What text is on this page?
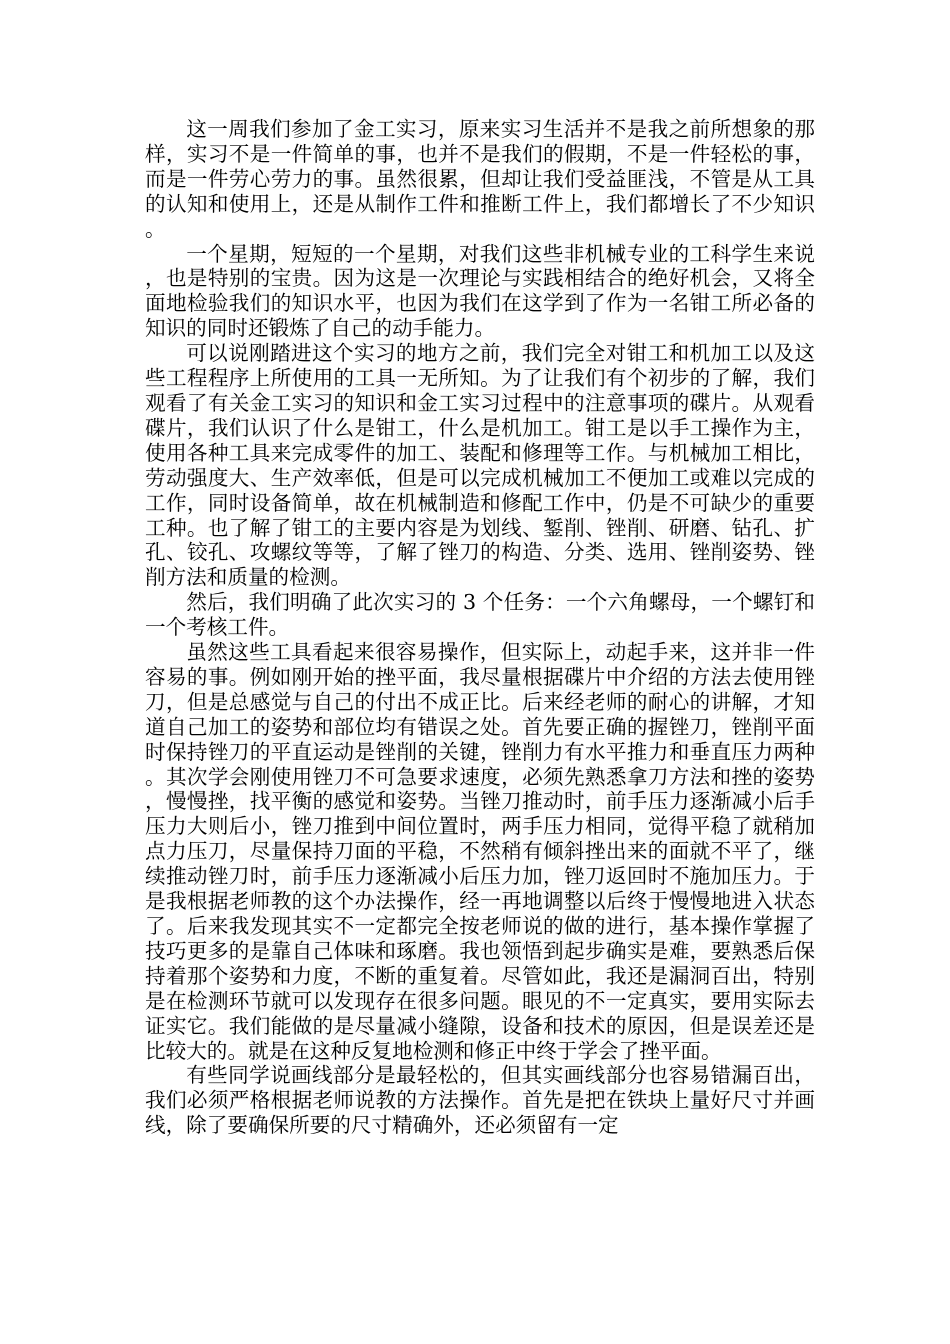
这一周我们参加了金工实习，原来实习生活并不是我之前所想象的那样，实习不是一件简单的事，也并不是我们的假期，不是一件轻松的事，而是一件劳心劳力的事。虽然很累，但却让我们受益匪浅，不管是从工具的认知和使用上，还是从制作工件和推断工件上，我们都增长了不少知识。

一个星期，短短的一个星期，对我们这些非机械专业的工科学生来说，也是特别的宝贵。因为这是一次理论与实践相结合的绝好机会，又将全面地检验我们的知识水平，也因为我们在这学到了作为一名钳工所必备的知识的同时还锻炼了自己的动手能力。

可以说刚踏进这个实习的地方之前，我们完全对钳工和机加工以及这些工程程序上所使用的工具一无所知。为了让我们有个初步的了解，我们观看了有关金工实习的知识和金工实习过程中的注意事项的碟片。从观看碟片，我们认识了什么是钳工，什么是机加工。钳工是以手工操作为主，使用各种工具来完成零件的加工、装配和修理等工作。与机械加工相比，劳动强度大、生产效率低，但是可以完成机械加工不便加工或难以完成的工作，同时设备简单，故在机械制造和修配工作中，仍是不可缺少的重要工种。也了解了钳工的主要内容是为划线、錾削、锉削、研磨、钻孔、扩孔、铰孔、攻螺纹等等，了解了锉刀的构造、分类、选用、锉削姿势、锉削方法和质量的检测。

然后，我们明确了此次实习的 3 个任务：一个六角螺母，一个螺钉和一个考核工件。

虽然这些工具看起来很容易操作，但实际上，动起手来，这并非一件容易的事。例如刚开始的挫平面，我尽量根据碟片中介绍的方法去使用锉刀，但是总感觉与自己的付出不成正比。后来经老师的耐心的讲解，才知道自己加工的姿势和部位均有错误之处。首先要正确的握锉刀，锉削平面时保持锉刀的平直运动是锉削的关键，锉削力有水平推力和垂直压力两种。其次学会刚使用锉刀不可急要求速度，必须先熟悉拿刀方法和挫的姿势，慢慢挫，找平衡的感觉和姿势。当锉刀推动时，前手压力逐渐减小后手压力大则后小，锉刀推到中间位置时，两手压力相同，觉得平稳了就稍加点力压刀，尽量保持刀面的平稳，不然稍有倾斜挫出来的面就不平了，继续推动锉刀时，前手压力逐渐减小后压力加，锉刀返回时不施加压力。于是我根据老师教的这个办法操作，经一再地调整以后终于慢慢地进入状态了。后来我发现其实不一定都完全按老师说的做的进行，基本操作掌握了技巧更多的是靠自己体味和琢磨。我也领悟到起步确实是难，要熟悉后保持着那个姿势和力度，不断的重复着。尽管如此，我还是漏洞百出，特别是在检测环节就可以发现存在很多问题。眼见的不一定真实，要用实际去证实它。我们能做的是尽量减小缝隙，设备和技术的原因，但是误差还是比较大的。就是在这种反复地检测和修正中终于学会了挫平面。

有些同学说画线部分是最轻松的，但其实画线部分也容易错漏百出，我们必须严格根据老师说教的方法操作。首先是把在铁块上量好尺寸并画线，除了要确保所要的尺寸精确外，还必须留有一定
